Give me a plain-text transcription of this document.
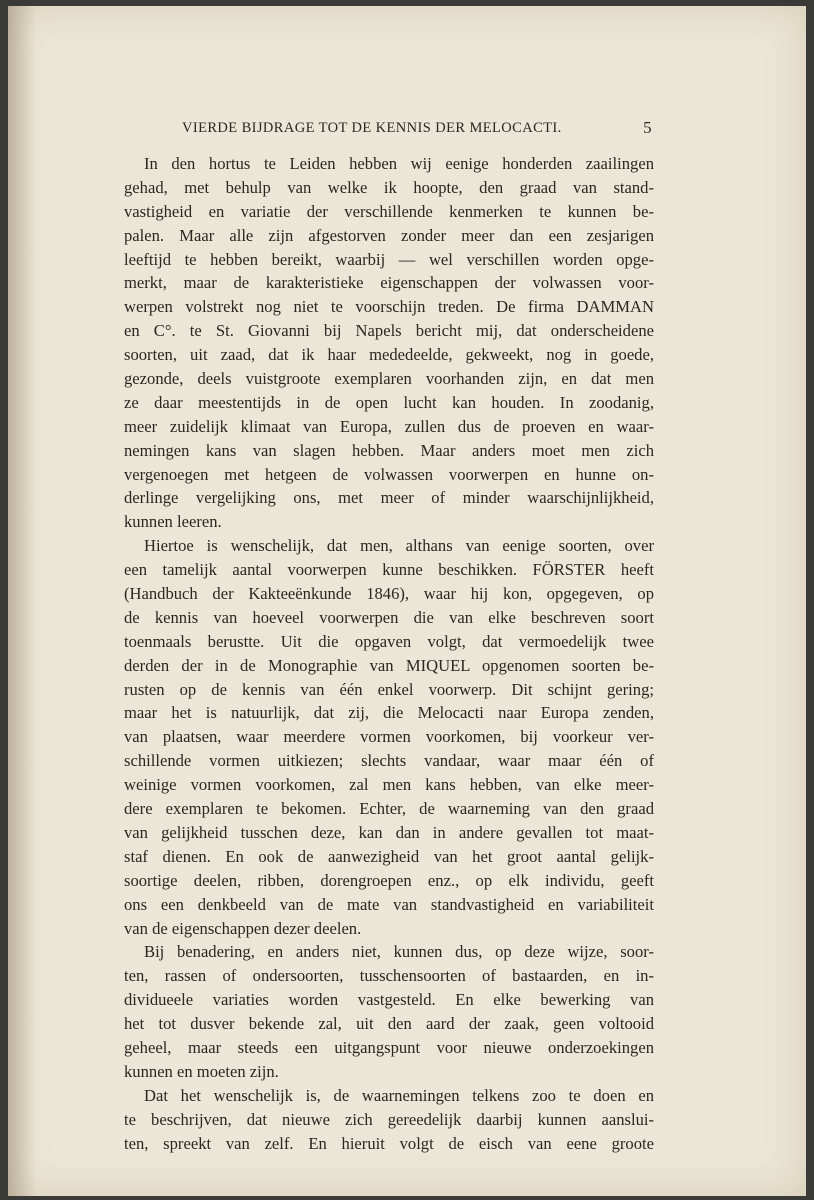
VIERDE BIJDRAGE TOT DE KENNIS DER MELOCACTI.	5
In den hortus te Leiden hebben wij eenige honderden zaailingen
gehad, met behulp van welke ik hoopte, den graad van stand-
vastigheid en variatie der verschillende kenmerken te kunnen be-
palen. Maar alle zijn afgestorven zonder meer dan een zesjarigen
leeftijd te hebben bereikt, waarbij — wel verschillen worden opge-
merkt, maar de karakteristieke eigenschappen der volwassen voor-
werpen volstrekt nog niet te voorschijn treden. De firma DAMMAN
en C°. te St. Giovanni bij Napels bericht mij, dat onderscheidene
soorten, uit zaad, dat ik haar mededeelde, gekweekt, nog in goede,
gezonde, deels vuistgroote exemplaren voorhanden zijn, en dat men
ze daar meestentijds in de open lucht kan houden. In zoodanig,
meer zuidelijk klimaat van Europa, zullen dus de proeven en waar-
nemingen kans van slagen hebben. Maar anders moet men zich
vergenoegen met hetgeen de volwassen voorwerpen en hunne on-
derlinge vergelijking ons, met meer of minder waarschijnlijkheid,
kunnen leeren.
Hiertoe is wenschelijk, dat men, althans van eenige soorten, over
een tamelijk aantal voorwerpen kunne beschikken. FÖRSTER heeft
(Handbuch der Kakteeënkunde 1846), waar hij kon, opgegeven, op
de kennis van hoeveel voorwerpen die van elke beschreven soort
toenmaals berustte. Uit die opgaven volgt, dat vermoedelijk twee
derden der in de Monographie van MIQUEL opgenomen soorten be-
rusten op de kennis van één enkel voorwerp. Dit schijnt gering;
maar het is natuurlijk, dat zij, die Melocacti naar Europa zenden,
van plaatsen, waar meerdere vormen voorkomen, bij voorkeur ver-
schillende vormen uitkiezen; slechts vandaar, waar maar één of
weinige vormen voorkomen, zal men kans hebben, van elke meer-
dere exemplaren te bekomen. Echter, de waarneming van den graad
van gelijkheid tusschen deze, kan dan in andere gevallen tot maat-
staf dienen. En ook de aanwezigheid van het groot aantal gelijk-
soortige deelen, ribben, dorengroepen enz., op elk individu, geeft
ons een denkbeeld van de mate van standvastigheid en variabiliteit
van de eigenschappen dezer deelen.
Bij benadering, en anders niet, kunnen dus, op deze wijze, soor-
ten, rassen of ondersoorten, tusschensoorten of bastaarden, en in-
dividueele variaties worden vastgesteld. En elke bewerking van
het tot dusver bekende zal, uit den aard der zaak, geen voltooid
geheel, maar steeds een uitgangspunt voor nieuwe onderzoekingen
kunnen en moeten zijn.
Dat het wenschelijk is, de waarnemingen telkens zoo te doen en
te beschrijven, dat nieuwe zich gereedelijk daarbij kunnen aanslui-
ten, spreekt van zelf. En hieruit volgt de eisch van eene groote
